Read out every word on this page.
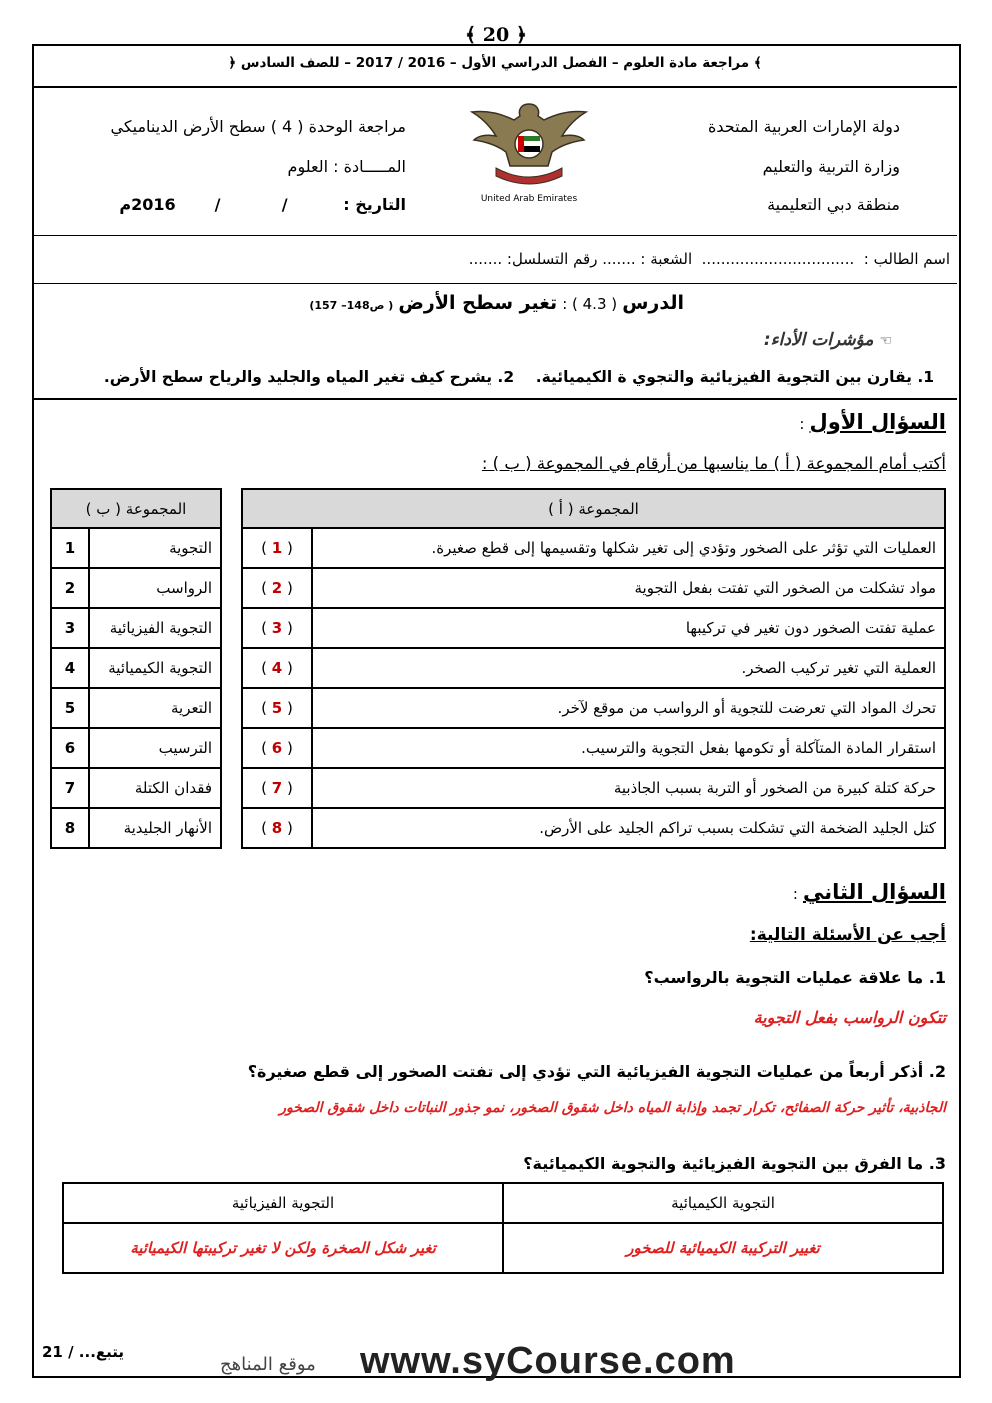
﴾ 20 ﴿
﴾ مراجعة مادة العلوم – الفصل الدراسي الأول – 2016 / 2017 – للصف السادس ﴿
دولة الإمارات العربية المتحدة
وزارة التربية والتعليم
منطقة دبي التعليمية
United Arab Emirates
مراجعة الوحدة ( 4 ) سطح الأرض الديناميكي
المـــــادة : العلوم
التاريخ :          /           /       2016م
اسم الطالب :  ................................  الشعبة : ....... رقم التسلسل: .......
الدرس ( 4.3 ) : تغير سطح الأرض ( ص148– 157)
☜ مؤشرات الأداء:
1. يقارن بين التجوية الفيزيائية والتجوي ة الكيميائية.    2. يشرح كيف تغير المياه والجليد والرياح سطح الأرض.
السؤال الأول :
أكتب أمام المجموعة ( أ ) ما يناسبها من أرقام في المجموعة ( ب ) :
المجموعة ( أ )	
( 1 )	العمليات التي تؤثر على الصخور وتؤدي إلى تغير شكلها وتقسيمها إلى قطع صغيرة.
( 2 )	مواد تشكلت من الصخور التي تفتت بفعل التجوية
( 3 )	عملية تفتت الصخور دون تغير في تركيبها
( 4 )	العملية التي تغير تركيب الصخر.
( 5 )	تحرك المواد التي تعرضت للتجوية أو الرواسب من موقع لآخر.
( 6 )	استقرار المادة المتآكلة أو تكومها بفعل التجوية والترسيب.
( 7 )	حركة كتلة كبيرة من الصخور أو التربة بسبب الجاذبية
( 8 )	كتل الجليد الضخمة التي تشكلت بسبب تراكم الجليد على الأرض.
المجموعة ( ب )	
1	التجوية
2	الرواسب
3	التجوية الفيزيائية
4	التجوية الكيميائية
5	التعرية
6	الترسيب
7	فقدان الكتلة
8	الأنهار الجليدية
السؤال الثاني :
أجب عن الأسئلة التالية:
1. ما علاقة عمليات التجوية بالرواسب؟
تتكون الرواسب بفعل التجوية
2. أذكر أربعاً من عمليات التجوية الفيزيائية التي تؤدي إلى تفتت الصخور إلى قطع صغيرة؟
الجاذبية، تأثير حركة الصفائح، تكرار تجمد وإذابة المياه داخل شقوق الصخور، نمو جذور النباتات داخل شقوق الصخور
3. ما الفرق بين التجوية الفيزيائية والتجوية الكيميائية؟
التجوية الفيزيائية	التجوية الكيميائية
تغير شكل الصخرة ولكن لا تغير تركيبتها الكيميائية	تغيير التركيبة الكيميائية للصخور
يتبع... / 21	www.syCourse.com
موقع المناهج
